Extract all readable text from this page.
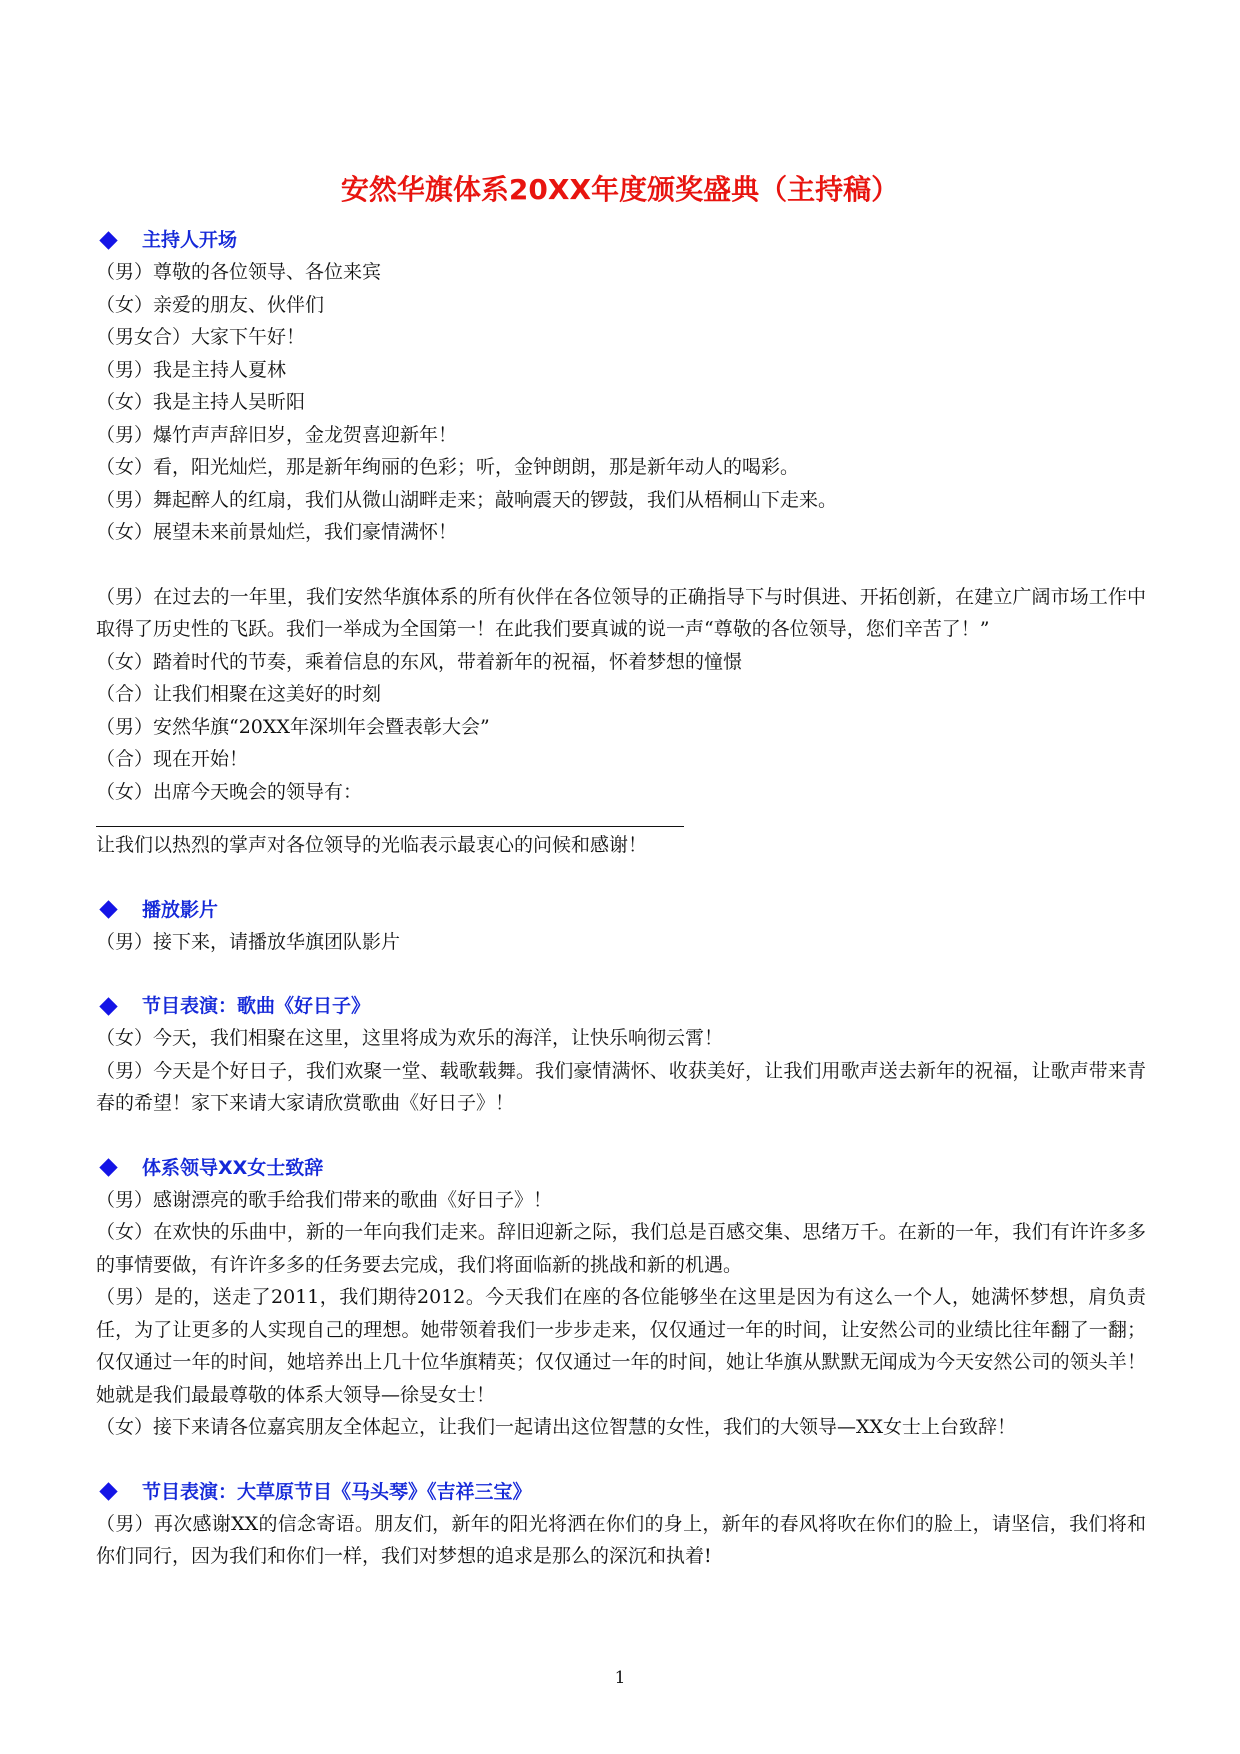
安然华旗体系20XX年度颁奖盛典（主持稿）
主持人开场
（男）尊敬的各位领导、各位来宾
（女）亲爱的朋友、伙伴们
（男女合）大家下午好！
（男）我是主持人夏林
（女）我是主持人吴昕阳
（男）爆竹声声辞旧岁，金龙贺喜迎新年！
（女）看，阳光灿烂，那是新年绚丽的色彩；听，金钟朗朗，那是新年动人的喝彩。
（男）舞起醉人的红扇，我们从微山湖畔走来；敲响震天的锣鼓，我们从梧桐山下走来。
（女）展望未来前景灿烂，我们豪情满怀！
（男）在过去的一年里，我们安然华旗体系的所有伙伴在各位领导的正确指导下与时俱进、开拓创新，在建立广阔市场工作中取得了历史性的飞跃。我们一举成为全国第一！在此我们要真诚的说一声“尊敬的各位领导，您们辛苦了！”
（女）踏着时代的节奏，乘着信息的东风，带着新年的祝福，怀着梦想的憧憬
（合）让我们相聚在这美好的时刻
（男）安然华旗“20XX年深圳年会暨表彰大会”
（合）现在开始！
（女）出席今天晚会的领导有：
让我们以热烈的掌声对各位领导的光临表示最衷心的问候和感谢！
播放影片
（男）接下来，请播放华旗团队影片
节目表演：歌曲《好日子》
（女）今天，我们相聚在这里，这里将成为欢乐的海洋，让快乐响彻云霄！
（男）今天是个好日子，我们欢聚一堂、载歌载舞。我们豪情满怀、收获美好，让我们用歌声送去新年的祝福，让歌声带来青春的希望！家下来请大家请欣赏歌曲《好日子》！
体系领导XX女士致辞
（男）感谢漂亮的歌手给我们带来的歌曲《好日子》！
（女）在欢快的乐曲中，新的一年向我们走来。辞旧迎新之际，我们总是百感交集、思绪万千。在新的一年，我们有许许多多的事情要做，有许许多多的任务要去完成，我们将面临新的挑战和新的机遇。
（男）是的，送走了2011，我们期待2012。今天我们在座的各位能够坐在这里是因为有这么一个人，她满怀梦想，肩负责任，为了让更多的人实现自己的理想。她带领着我们一步步走来，仅仅通过一年的时间，让安然公司的业绩比往年翻了一翻；仅仅通过一年的时间，她培养出上几十位华旗精英；仅仅通过一年的时间，她让华旗从默默无闻成为今天安然公司的领头羊！她就是我们最最尊敬的体系大领导—徐旻女士！
（女）接下来请各位嘉宾朋友全体起立，让我们一起请出这位智慧的女性，我们的大领导—XX女士上台致辞！
节目表演：大草原节目《马头琴》《吉祥三宝》
（男）再次感谢XX的信念寄语。朋友们，新年的阳光将洒在你们的身上，新年的春风将吹在你们的脸上，请坚信，我们将和你们同行，因为我们和你们一样，我们对梦想的追求是那么的深沉和执着!
1
